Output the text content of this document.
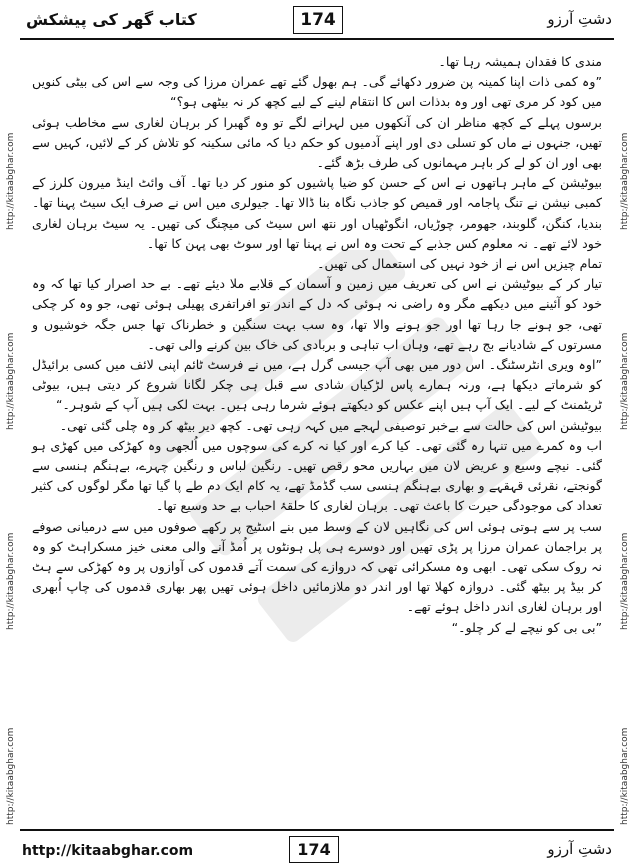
کتاب گھر کی پیشکش	174	دشتِ آرزو
http://kitaabghar.com
http://kitaabghar.com
http://kitaabghar.com
http://kitaabghar.com
http://kitaabghar.com
http://kitaabghar.com
http://kitaabghar.com
http://kitaabghar.com

مندی کا فقدان ہمیشہ رہا تھا۔

”وہ کمی ذات اپنا کمینہ پن ضرور دکھائے گی۔ ہم بھول گئے تھے عمران مرزا کی وجہ سے اس کی بیٹی کنویں میں کود کر مری تھی اور وہ بدذات اس کا انتقام لینے کے لیے کچھ کر نہ بیٹھی ہو؟“

برسوں پہلے کے کچھ مناظر ان کی آنکھوں میں لہرانے لگے تو وہ گھبرا کر برہان لغاری سے مخاطب ہوئی تھیں، جنہوں نے ماں کو تسلی دی اور اپنے آدمیوں کو حکم دیا کہ مائی سکینہ کو تلاش کر کے لائیں، کہیں سے بھی اور ان کو لے کر باہر مہمانوں کی طرف بڑھ گئے۔

بیوٹیشن کے ماہر ہاتھوں نے اس کے حسن کو ضیا پاشیوں کو منور کر دیا تھا۔ آف وائٹ اینڈ میرون کلرز کے کمبی نیشن نے تنگ پاجامہ اور قمیص کو جاذب نگاہ بنا ڈالا تھا۔ جیولری میں اس نے صرف ایک سیٹ پہنا تھا۔ بندیا، کنگن، گلوبند، جھومر، چوڑیاں، انگوٹھیاں اور نتھ اس سیٹ کی میچنگ کی تھیں۔ یہ سیٹ برہان لغاری خود لائے تھے۔ نہ معلوم کس جذبے کے تحت وہ اس نے پہنا تھا اور سوٹ بھی پہن کا تھا۔

تمام چیزیں اس نے از خود نہیں کی استعمال کی تھیں۔

تیار کر کے بیوٹیشن نے اس کی تعریف میں زمین و آسمان کے قلابے ملا دیئے تھے۔ بے حد اصرار کیا تھا کہ وہ خود کو آئینے میں دیکھے مگر وہ راضی نہ ہوئی کہ دل کے اندر تو افراتفری پھیلی ہوئی تھی، جو وہ کر چکی تھی، جو ہونے جا رہا تھا اور جو ہونے والا تھا، وہ سب بہت سنگین و خطرناک تھا جس جگہ خوشیوں و مسرتوں کے شادیانے بج رہے تھے، وہاں اب تباہی و بربادی کی خاک بین کرنے والی تھی۔

”اوہ ویری انٹرسٹنگ۔ اس دور میں بھی آپ جیسی گرل ہے، میں نے فرسٹ ٹائم اپنی لائف میں کسی برائیڈل کو شرماتے دیکھا ہے، ورنہ ہمارے پاس لڑکیاں شادی سے قبل ہی چکر لگانا شروع کر دیتی ہیں، بیوٹی ٹریٹمنٹ کے لیے۔ ایک آپ ہیں اپنے عکس کو دیکھتے ہوئے شرما رہی ہیں۔ بہت لکی ہیں آپ کے شوہر۔“

بیوٹیشن اس کی حالت سے بےخبر توصیفی لہجے میں کہہ رہی تھی۔ کچھ دیر بیٹھ کر وہ چلی گئی تھی۔

اب وہ کمرے میں تنہا رہ گئی تھی۔ کیا کرے اور کیا نہ کرے کی سوچوں میں اُلجھی وہ کھڑکی میں کھڑی ہو گئی۔ نیچے وسیع و عریض لان میں بہاریں محو رقص تھیں۔ رنگین لباس و رنگین چہرے، بےہنگم ہنسی سے گونجتے، نقرئی قہقہے و بھاری بےہنگم ہنسی سب گڈمڈ تھے، یہ کام ایک دم طے پا گیا تھا مگر لوگوں کی کثیر تعداد کی موجودگی حیرت کا باعث تھی۔ برہان لغاری کا حلقۂ احباب بے حد وسیع تھا۔

سب پر سے ہوتی ہوئی اس کی نگاہیں لان کے وسط میں بنے اسٹیج پر رکھے صوفوں میں سے درمیانی صوفے پر براجمان عمران مرزا پر پڑی تھیں اور دوسرے ہی پل ہونٹوں پر اُمڈ آنے والی معنی خیز مسکراہٹ کو وہ نہ روک سکی تھی۔ ابھی وہ مسکرائی تھی کہ دروازے کی سمت آتے قدموں کی آوازوں پر وہ کھڑکی سے ہٹ کر بیڈ پر بیٹھ گئی۔ دروازہ کھلا تھا اور اندر دو ملازمائیں داخل ہوئی تھیں پھر بھاری قدموں کی چاپ اُبھری اور برہان لغاری اندر داخل ہوئے تھے۔

”بی بی کو نیچے لے کر چلو۔“

http://kitaabghar.com	174	دشتِ آرزو
